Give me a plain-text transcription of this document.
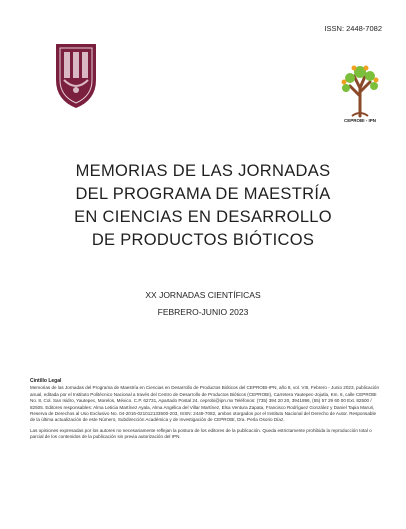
ISSN: 2448-7082
CEPROBI - IPN
MEMORIAS DE LAS JORNADAS
DEL PROGRAMA DE MAESTRÍA
EN CIENCIAS EN DESARROLLO
DE PRODUCTOS BIÓTICOS
XX JORNADAS CIENTÍFICAS
FEBRERO-JUNIO 2023
Cintillo Legal

Memorias de las Jornadas del Programa de Maestría en Ciencias en Desarrollo de Productos Bióticos del CEPROBI-IPN, año 8, vol. VIII, Febrero - Junio 2023, publicación anual, editada por el Instituto Politécnico Nacional a través del Centro de Desarrollo de Productos Bióticos (CEPROBI), Carretera Yautepec-Jojutla, Km. 6, calle CEPROBI No. 8, Col. San Isidro, Yautepec, Morelos, México. C.P. 62731, Apartado Postal 24. ceprobi@ipn.mx Teléfonos: (735) 394 20 20, 3941896, (55) 57 29 60 00 Ext. 82500 / 82505. Editores responsables: Alma Leticia Martínez Ayala, Alma Angélica del Villar Martínez, Elsa Ventura Zapata, Francisco Rodríguez González y Daniel Tapia Maruri, Reserva de Derechos al Uso Exclusivo No. 04-2016-021012133500-203, ISSN: 2448-7082, ambos otorgados por el Instituto Nacional del Derecho de Autor. Responsable de la última actualización de este Número, Subdirección Académica y de Investigación de CEPROBI, Dra. Perla Osorio Díaz.

Las opiniones expresadas por los autores no necesariamente reflejan la postura de los editores de la publicación. Queda estrictamente prohibida la reproducción total o parcial de los contenidos de la publicación sin previa autorización del IPN.
